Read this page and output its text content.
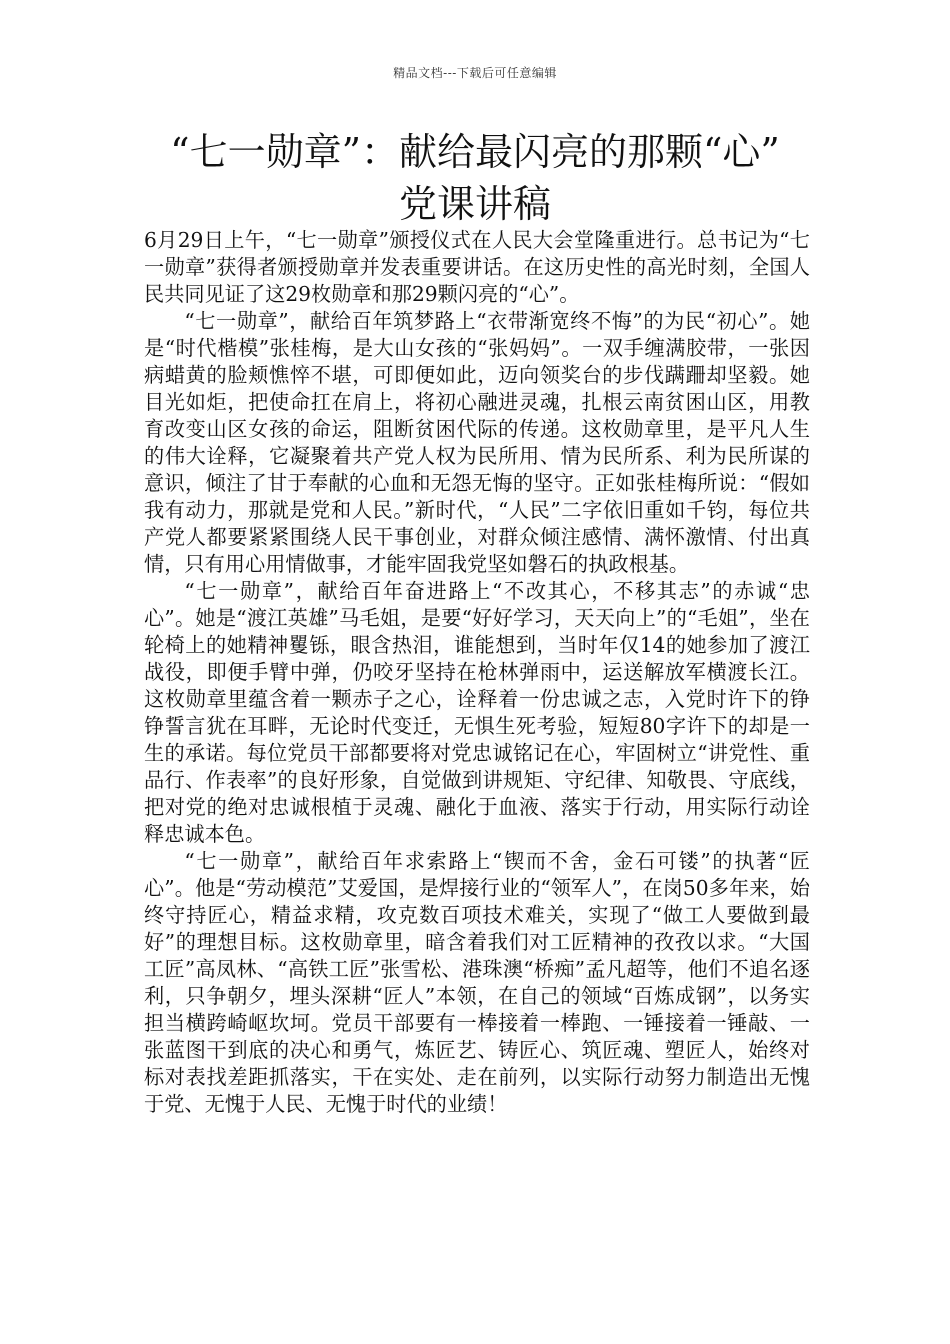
精品文档---下载后可任意编辑
“七一勋章”：献给最闪亮的那颗“心”
党课讲稿

6月29日上午，“七一勋章”颁授仪式在人民大会堂隆重进行。总书记为“七一勋章”获得者颁授勋章并发表重要讲话。在这历史性的高光时刻，全国人民共同见证了这29枚勋章和那29颗闪亮的“心”。

“七一勋章”，献给百年筑梦路上“衣带渐宽终不悔”的为民“初心”。她是“时代楷模”张桂梅，是大山女孩的“张妈妈”。一双手缠满胶带，一张因病蜡黄的脸颊憔悴不堪，可即便如此，迈向领奖台的步伐蹒跚却坚毅。她目光如炬，把使命扛在肩上，将初心融进灵魂，扎根云南贫困山区，用教育改变山区女孩的命运，阻断贫困代际的传递。这枚勋章里，是平凡人生的伟大诠释，它凝聚着共产党人权为民所用、情为民所系、利为民所谋的意识，倾注了甘于奉献的心血和无怨无悔的坚守。正如张桂梅所说：“假如我有动力，那就是党和人民。”新时代，“人民”二字依旧重如千钧，每位共产党人都要紧紧围绕人民干事创业，对群众倾注感情、满怀激情、付出真情，只有用心用情做事，才能牢固我党坚如磐石的执政根基。

“七一勋章”，献给百年奋进路上“不改其心，不移其志”的赤诚“忠心”。她是“渡江英雄”马毛姐，是要“好好学习，天天向上”的“毛姐”，坐在轮椅上的她精神矍铄，眼含热泪，谁能想到，当时年仅14的她参加了渡江战役，即便手臂中弹，仍咬牙坚持在枪林弹雨中，运送解放军横渡长江。这枚勋章里蕴含着一颗赤子之心，诠释着一份忠诚之志，入党时许下的铮铮誓言犹在耳畔，无论时代变迁，无惧生死考验，短短80字许下的却是一生的承诺。每位党员干部都要将对党忠诚铭记在心，牢固树立“讲党性、重品行、作表率”的良好形象，自觉做到讲规矩、守纪律、知敬畏、守底线，把对党的绝对忠诚根植于灵魂、融化于血液、落实于行动，用实际行动诠释忠诚本色。

“七一勋章”，献给百年求索路上“锲而不舍，金石可镂”的执著“匠心”。他是“劳动模范”艾爱国，是焊接行业的“领军人”，在岗50多年来，始终守持匠心，精益求精，攻克数百项技术难关，实现了“做工人要做到最好”的理想目标。这枚勋章里，暗含着我们对工匠精神的孜孜以求。“大国工匠”高凤林、“高铁工匠”张雪松、港珠澳“桥痴”孟凡超等，他们不追名逐利，只争朝夕，埋头深耕“匠人”本领，在自己的领域“百炼成钢”，以务实担当横跨崎岖坎坷。党员干部要有一棒接着一棒跑、一锤接着一锤敲、一张蓝图干到底的决心和勇气，炼匠艺、铸匠心、筑匠魂、塑匠人，始终对标对表找差距抓落实，干在实处、走在前列，以实际行动努力制造出无愧于党、无愧于人民、无愧于时代的业绩！
